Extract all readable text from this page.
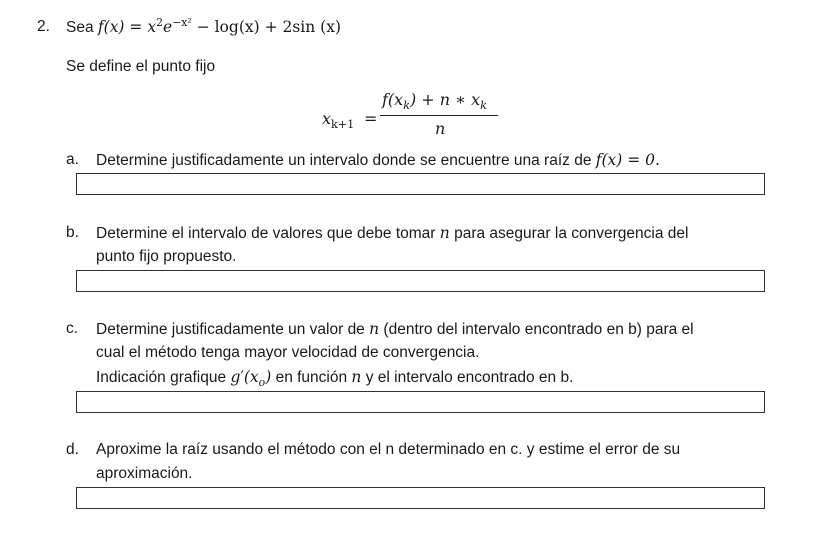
2. Sea $f(x) = x^2e^{-x^2} - \log(x) + 2\sin$ (x)
Se define el punto fijo
$x_{k+1}$ =
$f(x_k) + n$ ∗ $x_k$
n
a. Determine justificadamente un intervalo donde se encuentre una raíz de f(x) = 0.
b. Determine el intervalo de valores que debe tomar n para asegurar la convergencia del
punto fijo propuesto.
c. Determine justificadamente un valor de n (dentro del intervalo encontrado en b) para el
cual el método tenga mayor velocidad de convergencia.
Indicación grafique $g'(x_o)$ en función n y el intervalo encontrado en b.
d. Aproxime la raíz usando el método con el n determinado en c. y estime el error de su
aproximación.
